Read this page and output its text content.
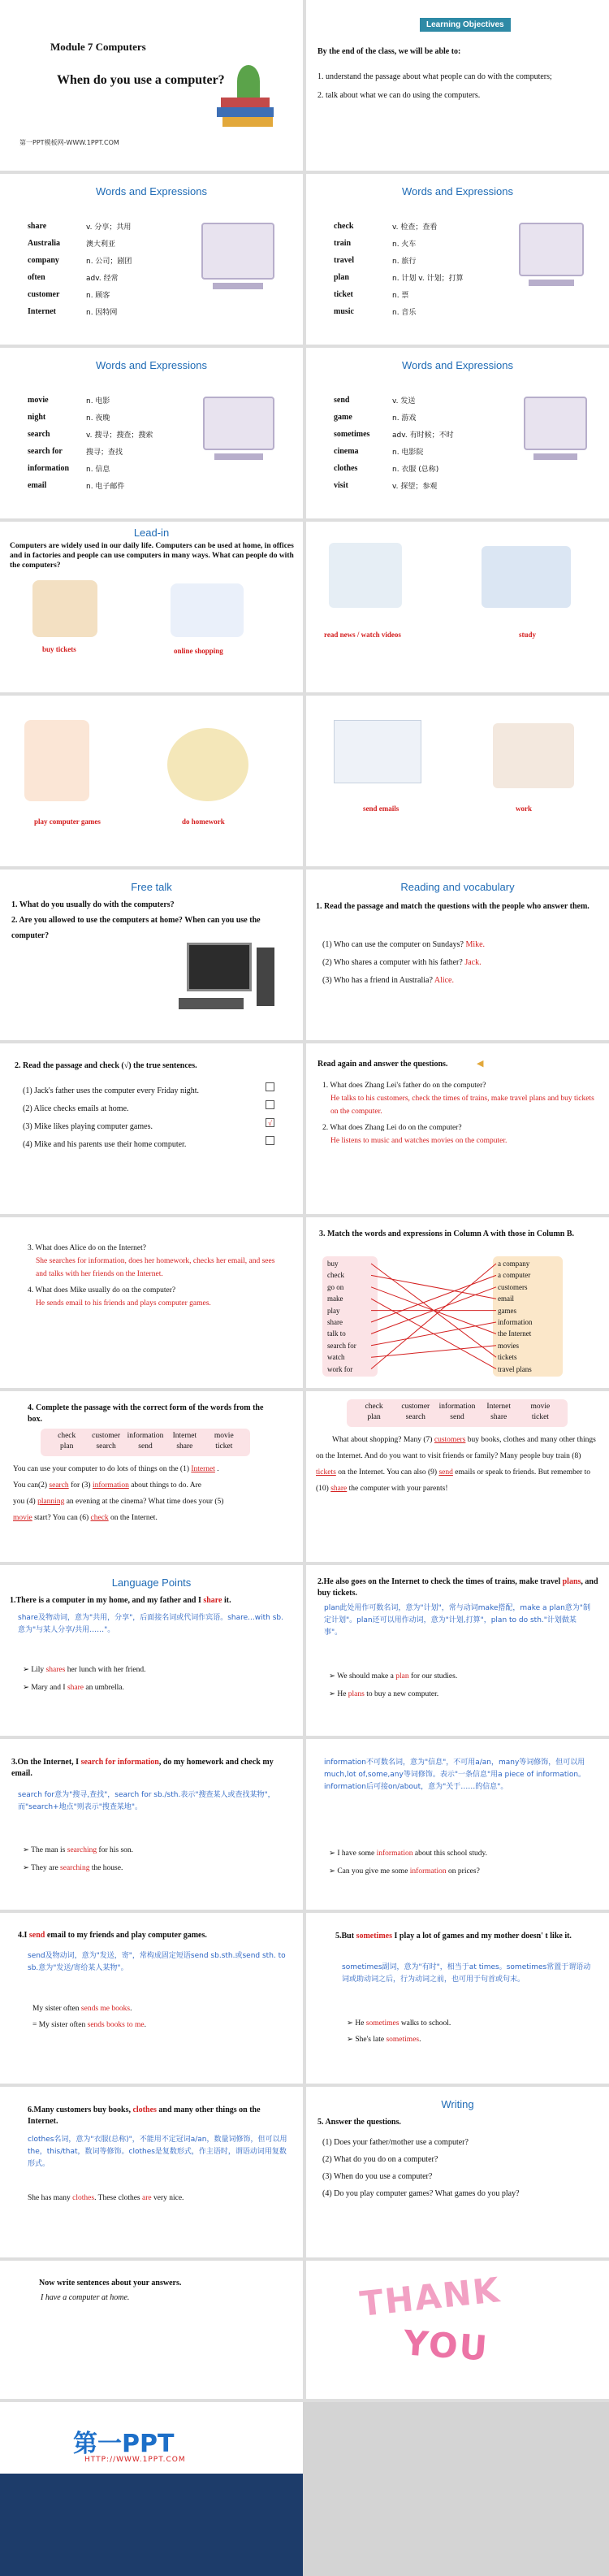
Module 7 Computers
When do you use a computer?
第一PPT模板网-WWW.1PPT.COM
Learning Objectives
By the end of the class, we will be able to:
1. understand the passage about what people can do with the computers;
2. talk about what we can do using the computers.
Words and Expressions
share	v. 分享；共用
Australia	澳大利亚
company	n. 公司；剧团
often	adv. 经常
customer	n. 顾客
Internet	n. 因特网
Words and Expressions
check	v. 检查；查看
train	n. 火车
travel	n. 旅行
plan	n. 计划 v. 计划；打算
ticket	n. 票
music	n. 音乐
Words and Expressions
movie	n. 电影
night	n. 夜晚
search	v. 搜寻；搜查；搜索
search for	搜寻；查找
information	n. 信息
email	n. 电子邮件
Words and Expressions
send	v. 发送
game	n. 游戏
sometimes	adv. 有时候；不时
cinema	n. 电影院
clothes	n. 衣服 (总称)
visit	v. 探望；参观
Lead-in
Computers are widely used in our daily life. Computers can be used at home, in offices and in factories and people can use computers in many ways. What can people do with the computers?
buy tickets	online shopping
read news / watch videos	study
play computer games	do homework
send emails	work
Free talk
1. What do you usually do with the computers?
2. Are you allowed to use the computers at home? When can you use the computer?
Reading and vocabulary
1. Read the passage and match the questions with the people who answer them.
(1) Who can use the computer on Sundays? Mike.
(2) Who shares a computer with his father? Jack.
(3) Who has a friend in Australia? Alice.
2. Read the passage and check (√) the true sentences.
(1) Jack's father uses the computer every Friday night.
(2) Alice checks emails at home.
(3) Mike likes playing computer games.	√
(4) Mike and his parents use their home computer.
Read again and answer the questions.	◀
1. What does Zhang Lei's father do on the computer?
He talks to his customers, check the times of trains, make travel plans and buy tickets on the computer.
2. What does Zhang Lei do on the computer?
He listens to music and watches movies on the computer.
3. What does Alice do on the Internet?
She searches for information, does her homework, checks her email, and sees and talks with her friends on the Internet.
4. What does Mike usually do on the computer?
He sends email to his friends and plays computer games.
3. Match the words and expressions in Column A with those in Column B.
buy
check
go on
make
play
share
talk to
search for
watch
work for
a company
a computer
customers
email
games
information
the Internet
movies
tickets
travel plans
4. Complete the passage with the correct form of the words from the box.
check	customer information	Internet	movie
plan	search	send	share	ticket
You can use your computer to do lots of things on the (1) Internet .
You can(2) search for (3) information about things to do. Are
you (4) planning an evening at the cinema? What time does your (5)
movie start? You can (6) check on the Internet.
check	customer	information	Internet	movie
plan	search	send	share	ticket
What about shopping? Many (7) customers buy books, clothes and many other things on the Internet. And do you want to visit friends or family? Many people buy train (8) tickets on the Internet. You can also (9) send emails or speak to friends. But remember to (10) share the computer with your parents!
Language Points
1.There is a computer in my home, and my father and I share it.
share及物动词，意为"共用，分享"，后面接名词或代词作宾语。share...with sb.意为"与某人分享/共用……"。
➢ Lily shares her lunch with her friend.
➢ Mary and I share an umbrella.
2.He also goes on the Internet to check the times of trains, make travel plans, and buy tickets.
plan此处用作可数名词，意为"计划"，常与动词make搭配，make a plan意为"制定计划"。plan还可以用作动词，意为"计划,打算"，plan to do sth."计划做某事"。
➢ We should make a plan for our studies.
➢ He plans to buy a new computer.
3.On the Internet, I search for information, do my homework and check my email.
search for意为"搜寻,查找"，search for sb./sth.表示"搜查某人或查找某物"，而"search+地点"则表示"搜查某地"。
➢ The man is searching for his son.
➢ They are searching the house.
information不可数名词，意为"信息"，不可用a/an，many等词修饰，但可以用much,lot of,some,any等词修饰。表示"一条信息"用a piece of information。information后可接on/about，意为"关于……的信息"。
➢ I have some information about this school study.
➢ Can you give me some information on prices?
4.I send email to my friends and play computer games.
send及物动词，意为"发送，寄"，常构成固定短语send sb.sth.或send sth. to sb.意为"发送/寄给某人某物"。
My sister often sends me books.
= My sister often sends books to me.
5.But sometimes I play a lot of games and my mother doesn' t like it.
sometimes副词，意为"有时"，相当于at times。sometimes常置于谓语动词或助动词之后，行为动词之前，也可用于句首或句末。
➢ He sometimes walks to school.
➢ She's late sometimes.
6.Many customers buy books, clothes and many other things on the Internet.
clothes名词，意为"衣服(总称)"，不能用不定冠词a/an，数量词修饰，但可以用the，this/that，数词等修饰。clothes是复数形式，作主语时，谓语动词用复数形式。
She has many clothes. These clothes are very nice.
Writing
5. Answer the questions.
(1) Does your father/mother use a computer?
(2) What do you do on a computer?
(3) When do you use a computer?
(4) Do you play computer games? What games do you play?
Now write sentences about your answers.
I have a computer at home.	THANK
YOU
第一PPT
HTTP://WWW.1PPT.COM
